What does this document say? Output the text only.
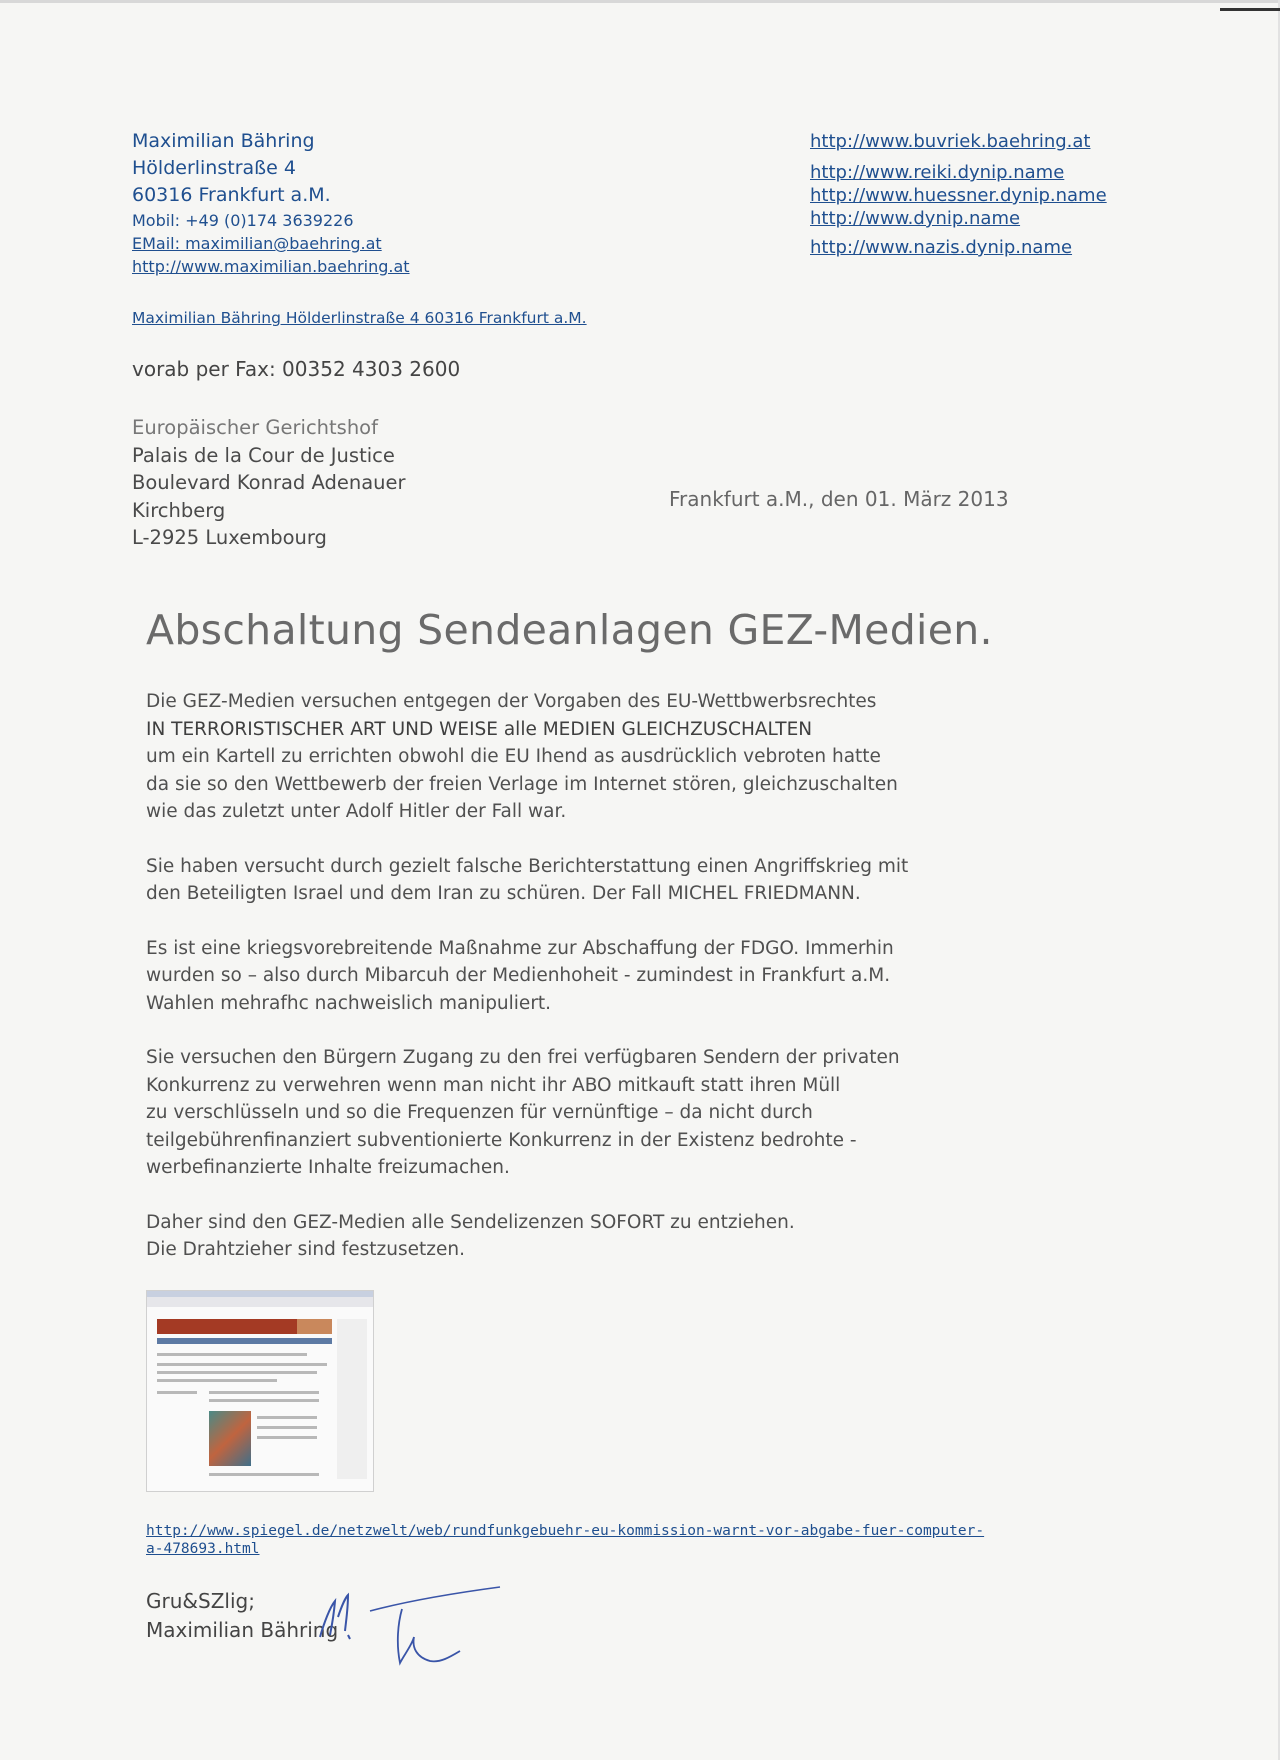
Maximilian Bähring
Hölderlinstraße 4
60316 Frankfurt a.M.
Mobil: +49 (0)174 3639226
EMail: maximilian@baehring.at
http://www.maximilian.baehring.at
http://www.buvriek.baehring.at
http://www.reiki.dynip.name
http://www.huessner.dynip.name
http://www.dynip.name
http://www.nazis.dynip.name
Maximilian Bähring Hölderlinstraße 4 60316 Frankfurt a.M.
vorab per Fax: 00352 4303 2600
Europäischer Gerichtshof
Palais de la Cour de Justice
Boulevard Konrad Adenauer
Kirchberg
L-2925 Luxembourg
Frankfurt a.M., den 01. März 2013
Abschaltung Sendeanlagen GEZ-Medien.

Die GEZ-Medien versuchen entgegen der Vorgaben des EU-Wettbwerbsrechtes
IN TERRORISTISCHER ART UND WEISE alle MEDIEN GLEICHZUSCHALTEN
um ein Kartell zu errichten obwohl die EU Ihend as ausdrücklich vebroten hatte
da sie so den Wettbewerb der freien Verlage im Internet stören, gleichzuschalten
wie das zuletzt unter Adolf Hitler der Fall war.

Sie haben versucht durch gezielt falsche Berichterstattung einen Angriffskrieg mit
den Beteiligten Israel und dem Iran zu schüren. Der Fall MICHEL FRIEDMANN.

Es ist eine kriegsvorebreitende Maßnahme zur Abschaffung der FDGO. Immerhin
wurden so – also durch Mibarcuh der Medienhoheit - zumindest in Frankfurt a.M.
Wahlen mehrafhc nachweislich manipuliert.

Sie versuchen den Bürgern Zugang zu den frei verfügbaren Sendern der privaten
Konkurrenz zu verwehren wenn man nicht ihr ABO mitkauft statt ihren Müll
zu verschlüsseln und so die Frequenzen für vernünftige – da nicht durch
teilgebührenfinanziert subventionierte Konkurrenz in der Existenz bedrohte -
werbefinanzierte Inhalte freizumachen.

Daher sind den GEZ-Medien alle Sendelizenzen SOFORT zu entziehen.
Die Drahtzieher sind festzusetzen.

http://www.spiegel.de/netzwelt/web/rundfunkgebuehr-eu-kommission-warnt-vor-abgabe-fuer-computer-
a-478693.html
Gru&SZlig;
Maximilian Bähring
